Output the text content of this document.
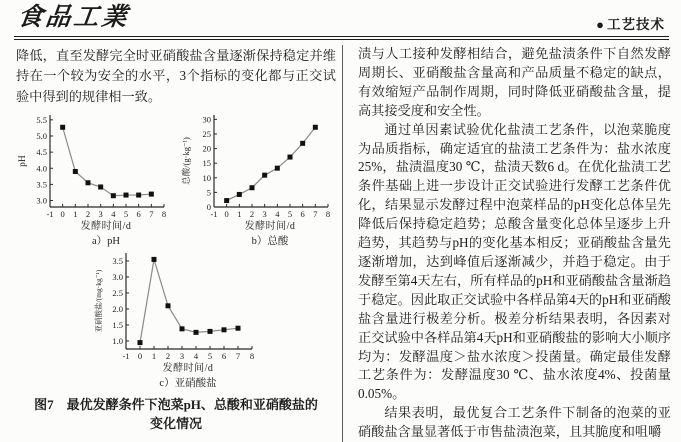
食品工業	● 工艺技术

降低，直至发酵完全时亚硝酸盐含量逐渐保持稳定并维持在一个较为安全的水平，3个指标的变化都与正交试验中得到的规律相一致。

-1 0 1 2 3 4 5 6 7 8
3.0
3.5
4.0
4.5
5.0
5.5
pH
发酵时间/d
a）pH
-1 0 1 2 3 4 5 6 7 8
0
5
10
15
20
25
30
总酸/(g·kg⁻¹)
发酵时间/d
b）总酸
-1 0 1 2 3 4 5 6 7 8
1.0
1.5
2.0
2.5
3.0
3.5
亚硝酸盐/(mg·kg⁻¹)
发酵时间/d
c）亚硝酸盐
图7　最优发酵条件下泡菜pH、总酸和亚硝酸盐的变化情况

渍与人工接种发酵相结合，避免盐渍条件下自然发酵周期长、亚硝酸盐含量高和产品质量不稳定的缺点，有效缩短产品制作周期，同时降低亚硝酸盐含量，提高其接受度和安全性。

通过单因素试验优化盐渍工艺条件，以泡菜脆度为品质指标，确定适宜的盐渍工艺条件为：盐水浓度25%，盐渍温度30 ℃，盐渍天数6 d。在优化盐渍工艺条件基础上进一步设计正交试验进行发酵工艺条件优化，结果显示发酵过程中泡菜样品的pH变化总体呈先降低后保持稳定趋势；总酸含量变化总体呈逐步上升趋势，其趋势与pH的变化基本相反；亚硝酸盐含量先逐渐增加，达到峰值后逐渐减少，并趋于稳定。由于发酵至第4天左右，所有样品的pH和亚硝酸盐含量渐趋于稳定。因此取正交试验中各样品第4天的pH和亚硝酸盐含量进行极差分析。极差分析结果表明，各因素对正交试验中各样品第4天pH和亚硝酸盐的影响大小顺序均为：发酵温度＞盐水浓度＞投菌量。确定最佳发酵工艺条件为：发酵温度30 ℃、盐水浓度4%、投菌量0.05%。

结果表明，最优复合工艺条件下制备的泡菜的亚硝酸盐含量显著低于市售盐渍泡菜，且其脆度和咀嚼
